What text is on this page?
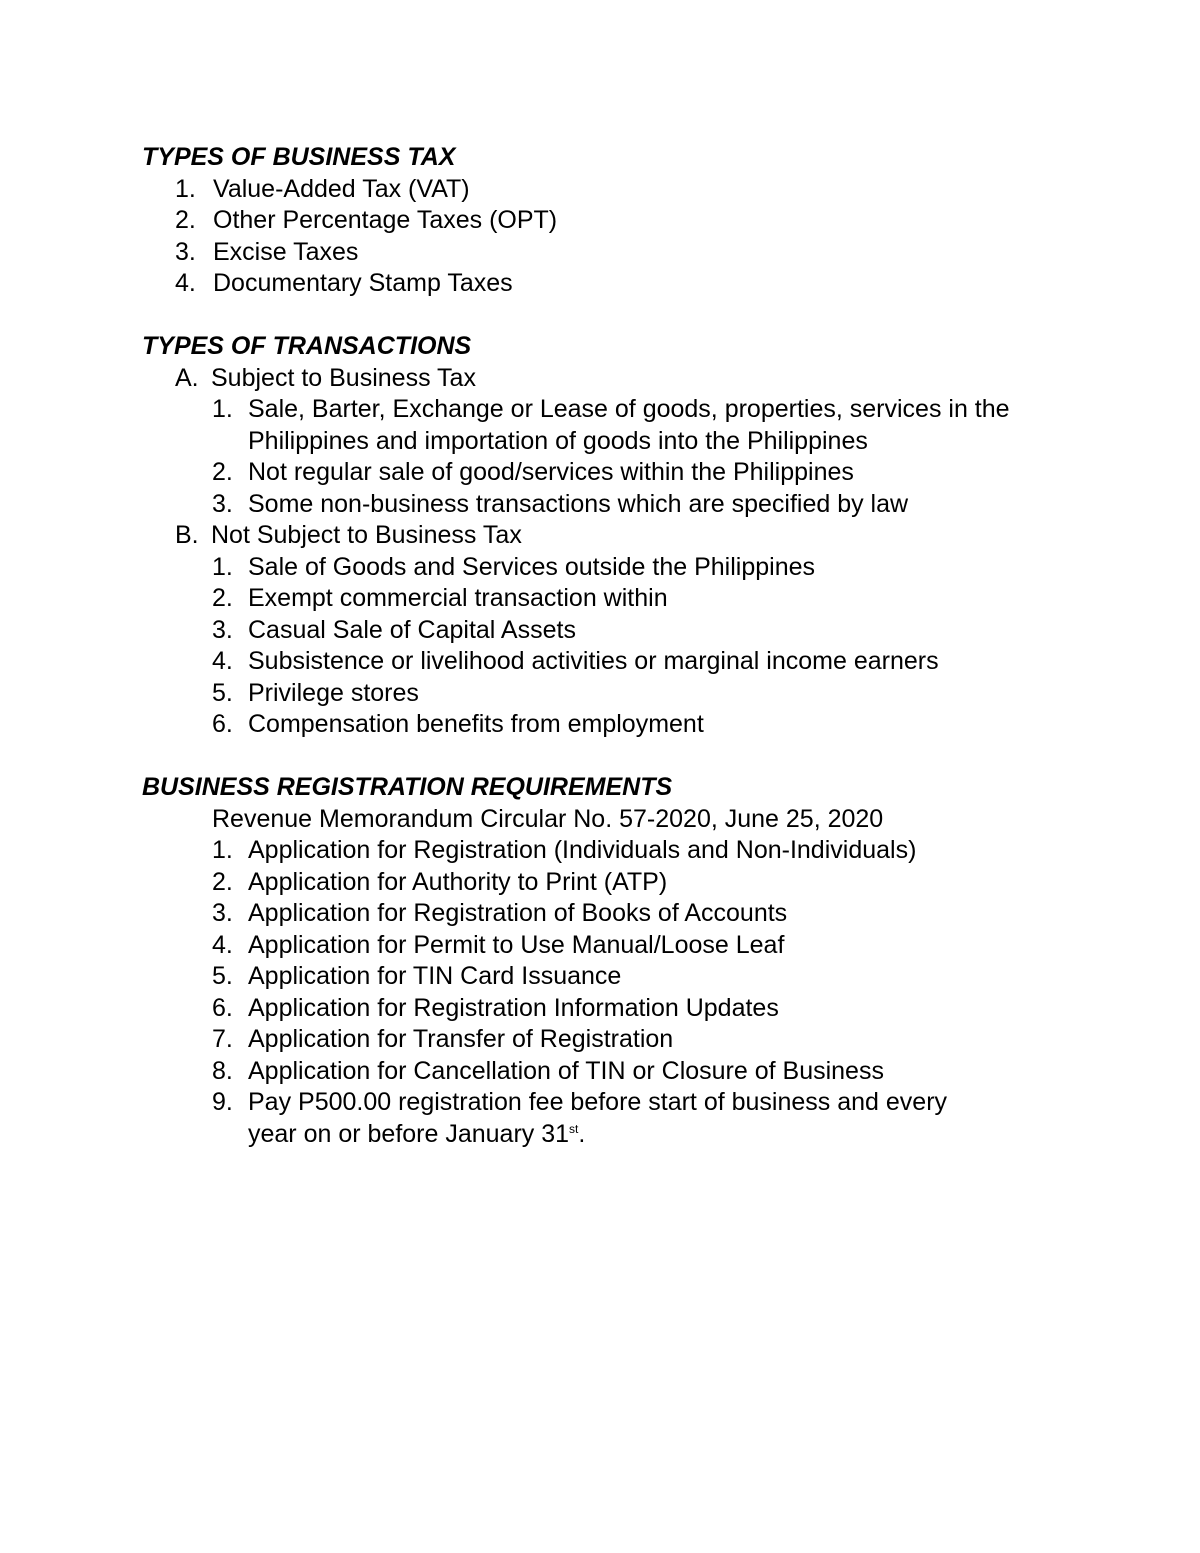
TYPES OF BUSINESS TAX
1. Value-Added Tax (VAT)
2. Other Percentage Taxes (OPT)
3. Excise Taxes
4. Documentary Stamp Taxes
TYPES OF TRANSACTIONS
A. Subject to Business Tax
1. Sale, Barter, Exchange or Lease of goods, properties, services in the Philippines and importation of goods into the Philippines
2. Not regular sale of good/services within the Philippines
3. Some non-business transactions which are specified by law
B. Not Subject to Business Tax
1. Sale of Goods and Services outside the Philippines
2. Exempt commercial transaction within
3. Casual Sale of Capital Assets
4. Subsistence or livelihood activities or marginal income earners
5. Privilege stores
6. Compensation benefits from employment
BUSINESS REGISTRATION REQUIREMENTS
Revenue Memorandum Circular No. 57-2020, June 25, 2020
1. Application for Registration (Individuals and Non-Individuals)
2. Application for Authority to Print (ATP)
3. Application for Registration of Books of Accounts
4. Application for Permit to Use Manual/Loose Leaf
5. Application for TIN Card Issuance
6. Application for Registration Information Updates
7. Application for Transfer of Registration
8. Application for Cancellation of TIN or Closure of Business
9. Pay P500.00 registration fee before start of business and every
year on or before January 31st.
